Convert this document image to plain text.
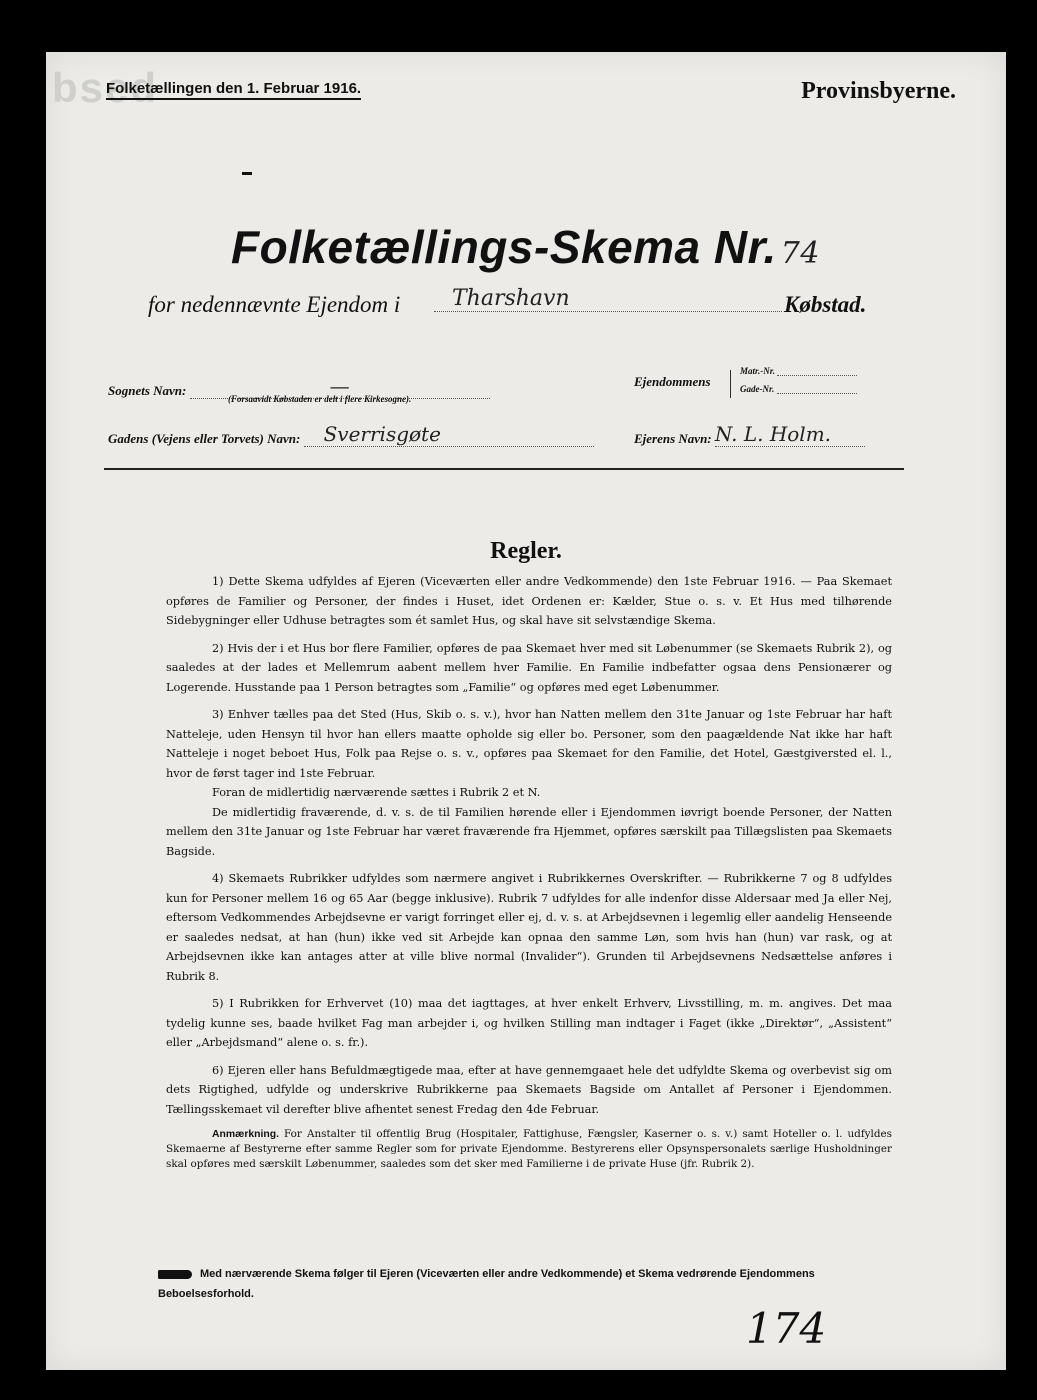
bsed
Folketællingen den 1. Februar 1916.	Provinsbyerne.
Folketællings-Skema Nr. 74
for nedennævnte Ejendom i	Tharshavn	Købstad.
Sognets Navn:	—
(Forsaavidt Købstaden er delt i flere Kirkesogne).
Ejendommens
Matr.-Nr.
Gade-Nr.
Gadens (Vejens eller Torvets) Navn: Sverrisgøte	Ejerens Navn: N. L. Holm.
Regler.

1) Dette Skema udfyldes af Ejeren (Viceværten eller andre Vedkommende) den 1ste Februar 1916. — Paa Skemaet opføres de Familier og Personer, der findes i Huset, idet Ordenen er: Kælder, Stue o. s. v. Et Hus med tilhørende Sidebygninger eller Udhuse betragtes som ét samlet Hus, og skal have sit selvstændige Skema.

2) Hvis der i et Hus bor flere Familier, opføres de paa Skemaet hver med sit Løbenummer (se Skemaets Rubrik 2), og saaledes at der lades et Mellemrum aabent mellem hver Familie. En Familie indbefatter ogsaa dens Pensionærer og Logerende. Husstande paa 1 Person betragtes som „Familie“ og opføres med eget Løbenummer.

3) Enhver tælles paa det Sted (Hus, Skib o. s. v.), hvor han Natten mellem den 31te Januar og 1ste Februar har haft Natteleje, uden Hensyn til hvor han ellers maatte opholde sig eller bo. Personer, som den paagældende Nat ikke har haft Natteleje i noget beboet Hus, Folk paa Rejse o. s. v., opføres paa Skemaet for den Familie, det Hotel, Gæstgiversted el. l., hvor de først tager ind 1ste Februar.

Foran de midlertidig nærværende sættes i Rubrik 2 et N.

De midlertidig fraværende, d. v. s. de til Familien hørende eller i Ejendommen iøvrigt boende Personer, der Natten mellem den 31te Januar og 1ste Februar har været fraværende fra Hjemmet, opføres særskilt paa Tillægslisten paa Skemaets Bagside.

4) Skemaets Rubrikker udfyldes som nærmere angivet i Rubrikkernes Overskrifter. — Rubrikkerne 7 og 8 udfyldes kun for Personer mellem 16 og 65 Aar (begge inklusive). Rubrik 7 udfyldes for alle indenfor disse Aldersaar med Ja eller Nej, eftersom Vedkommendes Arbejdsevne er varigt forringet eller ej, d. v. s. at Arbejdsevnen i legemlig eller aandelig Henseende er saaledes nedsat, at han (hun) ikke ved sit Arbejde kan opnaa den samme Løn, som hvis han (hun) var rask, og at Arbejdsevnen ikke kan antages atter at ville blive normal (Invalider“). Grunden til Arbejdsevnens Nedsættelse anføres i Rubrik 8.

5) I Rubrikken for Erhvervet (10) maa det iagttages, at hver enkelt Erhverv, Livsstilling, m. m. angives. Det maa tydelig kunne ses, baade hvilket Fag man arbejder i, og hvilken Stilling man indtager i Faget (ikke „Direktør“, „Assistent“ eller „Arbejdsmand“ alene o. s. fr.).

6) Ejeren eller hans Befuldmægtigede maa, efter at have gennemgaaet hele det udfyldte Skema og overbevist sig om dets Rigtighed, udfylde og underskrive Rubrikkerne paa Skemaets Bagside om Antallet af Personer i Ejendommen. Tællingsskemaet vil derefter blive afhentet senest Fredag den 4de Februar.

Anmærkning. For Anstalter til offentlig Brug (Hospitaler, Fattighuse, Fængsler, Kaserner o. s. v.) samt Hoteller o. l. udfyldes Skemaerne af Bestyrerne efter samme Regler som for private Ejendomme. Bestyrerens eller Opsynspersonalets særlige Husholdninger skal opføres med særskilt Løbenummer, saaledes som det sker med Familierne i de private Huse (jfr. Rubrik 2).

Med nærværende Skema følger til Ejeren (Viceværten eller andre Vedkommende) et Skema vedrørende Ejendommens Beboelsesforhold.
174
